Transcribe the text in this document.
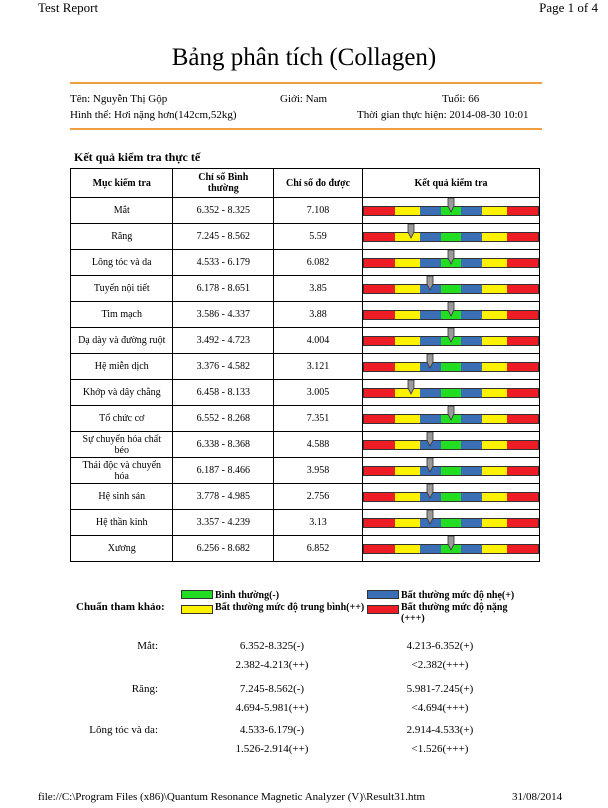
Test Report	Page 1 of 4
Bảng phân tích (Collagen)
Tên: Nguyễn Thị Gộp	Giới: Nam	Tuổi: 66
Hình thể: Hơi nặng hơn(142cm,52kg)	Thời gian thực hiện: 2014-08-30 10:01
Kết quả kiểm tra thực tế
Mục kiểm tra	Chỉ số Bình thường	Chỉ số đo được	Kết quả kiểm tra
Mắt	6.352 - 8.325	7.108	

Răng	7.245 - 8.562	5.59	

Lông tóc và da	4.533 - 6.179	6.082	

Tuyến nội tiết	6.178 - 8.651	3.85	

Tim mạch	3.586 - 4.337	3.88	

Dạ dày và đường ruột	3.492 - 4.723	4.004	

Hệ miễn dịch	3.376 - 4.582	3.121	

Khớp và dây chằng	6.458 - 8.133	3.005	

Tổ chức cơ	6.552 - 8.268	7.351	

Sự chuyển hóa chất béo	6.338 - 8.368	4.588	

Thải độc và chuyển hóa	6.187 - 8.466	3.958	

Hệ sinh sản	3.778 - 4.985	2.756	

Hệ thần kinh	3.357 - 4.239	3.13	

Xương	6.256 - 8.682	6.852	
Chuẩn tham khảo:
Bình thường(-)
Bất thường mức độ trung bình(++)
Bất thường mức độ nhẹ(+)
Bất thường mức độ nặng (+++)
Mắt:	6.352-8.325(-)	4.213-6.352(+)
2.382-4.213(++)	<2.382(+++)
Răng:	7.245-8.562(-)	5.981-7.245(+)
4.694-5.981(++)	<4.694(+++)
Lông tóc và da:	4.533-6.179(-)	2.914-4.533(+)
1.526-2.914(++)	<1.526(+++)
file://C:\Program Files (x86)\Quantum Resonance Magnetic Analyzer (V)\Result31.htm	31/08/2014
